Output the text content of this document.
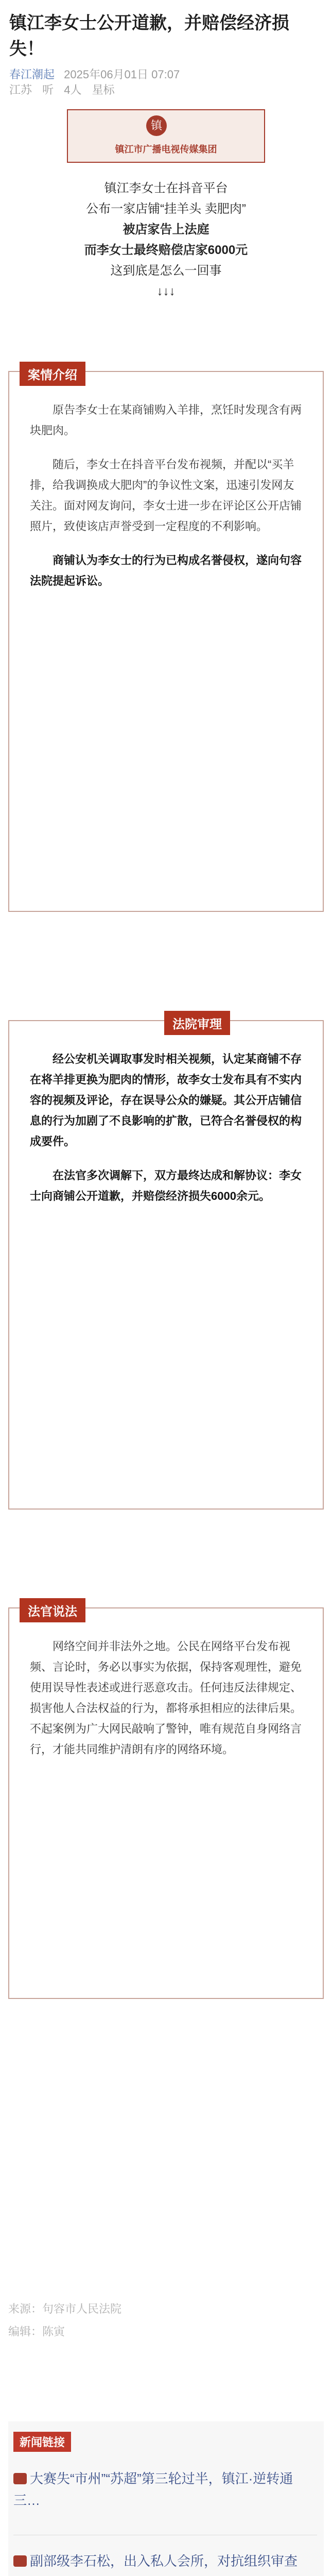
镇江李女士公开道歉，并赔偿经济损失！
春江潮起 2025年06月01日 07:07
江苏 听 4人 星标
镇
镇江市广播电视传媒集团
镇江李女士在抖音平台
公布一家店铺“挂羊头 卖肥肉”
被店家告上法庭
而李女士最终赔偿店家6000元
这到底是怎么一回事
↓↓↓
案情介绍

原告李女士在某商铺购入羊排，烹饪时发现含有两块肥肉。

随后，李女士在抖音平台发布视频，并配以“买羊排，给我调换成大肥肉”的争议性文案，迅速引发网友关注。面对网友询问，李女士进一步在评论区公开店铺照片，致使该店声誉受到一定程度的不利影响。

商铺认为李女士的行为已构成名誉侵权，遂向句容法院提起诉讼。

法院审理

经公安机关调取事发时相关视频，认定某商铺不存在将羊排更换为肥肉的情形，故李女士发布具有不实内容的视频及评论，存在误导公众的嫌疑。其公开店铺信息的行为加剧了不良影响的扩散，已符合名誉侵权的构成要件。

在法官多次调解下，双方最终达成和解协议：李女士向商铺公开道歉，并赔偿经济损失6000余元。

法官说法

网络空间并非法外之地。公民在网络平台发布视频、言论时，务必以事实为依据，保持客观理性，避免使用误导性表述或进行恶意攻击。任何违反法律规定、损害他人合法权益的行为，都将承担相应的法律后果。不起案例为广大网民敲响了警钟，唯有规范自身网络言行，才能共同维护清朗有序的网络环境。

来源：句容市人民法院
编辑：陈寅
新闻链接
大赛失“市州”“苏超”第三轮过半，镇江·逆转通三…
副部级李石松，出入私人会所，对抗组织审查
